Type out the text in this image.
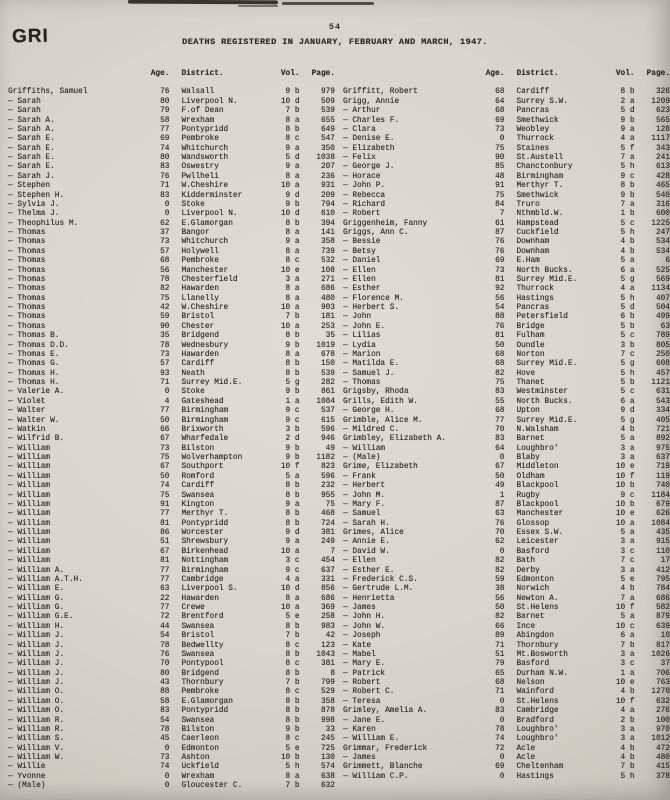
GRI	54
DEATHS REGISTERED IN JANUARY, FEBRUARY AND MARCH, 1947.
Age. District.	Vol.	Page.
Griffiths, Samuel	76 Walsall	9 b	979
— Sarah	80 Liverpool N.	10 d	509
— Sarah	79 F.of Dean	7 b	539
— Sarah A.	58 Wrexham	8 a	655
— Sarah A.	77 Pontypridd	8 b	649
— Sarah E.	69 Pembroke	8 c	547
— Sarah E.	74 Whitchurch	9 a	350
— Sarah E.	80 Wandsworth	5 d	1038
— Sarah E.	83 Oswestry	9 a	207
— Sarah J.	76 Pwllheli	8 a	236
— Stephen	71 W.Cheshire	10 a	931
— Stephen H.	83 Kidderminster	9 d	209
— Sylvia J.	0 Stoke	9 b	794
— Thelma J.	0 Liverpool N.	10 d	610
— Theophilus M.	62 E.Glamorgan	8 b	394
— Thomas	37 Bangor	8 a	141
— Thomas	73 Whitchurch	9 a	358
— Thomas	57 Holywell	8 a	739
— Thomas	68 Pembroke	8 c	532
— Thomas	56 Manchester	10 e	108
— Thomas	78 Chesterfield	3 a	271
— Thomas	82 Hawarden	8 a	686
— Thomas	75 Llanelly	8 a	480
— Thomas	42 W.Cheshire	10 a	903
— Thomas	59 Bristol	7 b	181
— Thomas	90 Chester	10 a	253
— Thomas B.	35 Bridgend	8 b	35
— Thomas D.D.	78 Wednesbury	9 b	1019
— Thomas E.	73 Hawarden	8 a	678
— Thomas G.	57 Cardiff	8 b	150
— Thomas H.	93 Neath	8 b	539
— Thomas H.	71 Surrey Mid.E.	5 g	282
— Valerie A.	0 Stoke	9 b	861
— Violet	4 Gateshead	1 a	1084
— Walter	77 Birmingham	9 c	537
— Walter W.	50 Birmingham	9 c	615
— Watkin	66 Brixworth	3 b	596
— Wilfrid B.	67 Wharfedale	2 d	946
— William	73 Bilston	9 b	49
— William	75 Wolverhampton	9 b	1182
— William	67 Southport	10 f	823
— William	50 Romford	5 a	596
— William	74 Cardiff	8 b	232
— William	75 Swansea	8 b	955
— William	91 Kington	9 a	75
— William	77 Merthyr T.	8 b	468
— William	81 Pontypridd	8 b	724
— William	86 Worcester	9 d	381
— William	51 Shrewsbury	9 a	249
— William	67 Birkenhead	10 a	7
— William	81 Nottingham	3 c	454
— William A.	77 Birmingham	9 c	637
— William A.T.H.	77 Cambridge	4 a	331
— William E.	63 Liverpool S.	10 d	856
— William G.	22 Hawarden	8 a	686
— William G.	77 Crewe	10 a	369
— William G.E.	72 Brentford	5 e	258
— William H.	44 Swansea	8 b	983
— William J.	54 Bristol	7 b	42
— William J.	78 Bedwellty	8 c	123
— William J.	76 Swansea	8 b	1043
— William J.	70 Pontypool	8 c	381
— William J.	80 Bridgend	8 b	8
— William J.	43 Thornbury	7 b	799
— William O.	88 Pembroke	8 c	529
— William O.	58 E.Glamorgan	8 b	358
— William O.	83 Pontypridd	8 b	878
— William R.	54 Swansea	8 b	998
— William R.	78 Bilston	9 b	33
— William S.	45 Caerleon	8 c	245
— William V.	0 Edmonton	5 e	725
— William W.	73 Ashton	10 b	130
— Willie	74 Uckfield	5 h	574
— Yvonne	0 Wrexham	8 a	638
— (Male)	0 Gloucester C.	7 b	632
Age. District.	Vol.	Page.
Griffitt, Robert	68 Cardiff	8 b	326
Grigg, Annie	64 Surrey S.W.	2 a	1209
— Arthur	68 Pancras	5 d	623
— Charles F.	69 Smethwick	9 b	565
— Clara	73 Weobley	9 a	128
— Denise E.	0 Thurrock	4 a	1117
— Elizabeth	75 Staines	5 f	343
— Felix	90 St.Austell	7 a	241
— George J.	85 Chanctonbury	5 h	613
— Horace	48 Birmingham	9 c	428
— John P.	91 Merthyr T.	8 b	465
— Rebecca	75 Smethwick	9 b	540
— Richard	84 Truro	7 a	316
— Robert	7 Nthmbld.W.	1 b	600
Griggenheim, Fanny	61 Hampstead	5 c	1225
Griggs, Ann C.	87 Cuckfield	5 h	247
— Bessie	76 Downham	4 b	534
— Betsy	76 Downham	4 b	534
— Daniel	69 E.Ham	5 a	6
— Ellen	73 North Bucks.	6 a	525
— Ellen	81 Surrey Mid.E.	5 g	569
— Esther	92 Thurrock	4 a	1134
— Florence M.	56 Hastings	5 h	407
— Herbert S.	54 Pancras	5 d	504
— John	88 Petersfield	6 b	499
— John E.	76 Bridge	5 b	63
— Lilias	81 Fulham	5 c	789
— Lydia	50 Oundle	3 b	805
— Marion	68 Norton	7 c	250
— Matilda E.	68 Surrey Mid.E.	5 g	608
— Samuel J.	82 Hove	5 h	457
— Thomas	75 Thanet	5 b	1121
Grigsby, Rhoda	83 Westminster	5 c	631
Grills, Edith W.	55 North Bucks.	6 a	543
— George H.	68 Upton	9 d	334
Grimble, Alice M.	77 Surrey Mid.E.	5 g	405
— Mildred C.	70 N.Walsham	4 b	721
Grimbley, Elizabeth A.	83 Barnet	5 a	892
— William	64 Loughbro'	3 a	975
— (Male)	0 Blaby	3 a	637
Grime, Elizabeth	67 Middleton	10 e	719
— Frank	50 Oldham	10 f	119
— Herbert	49 Blackpool	10 b	740
— John M.	1 Rugby	9 c	1184
— Mary F.	87 Blackpool	10 b	679
— Samuel	63 Manchester	10 e	626
— Sarah H.	76 Glossop	10 a	1084
Grimes, Alice	70 Essex S.W.	5 a	435
— Annie E.	62 Leicester	3 a	915
— David W.	0 Basford	3 c	110
— Ellen	82 Bath	7 c	17
— Esther E.	82 Derby	3 a	412
— Frederick C.S.	59 Edmonton	5 e	795
— Gertrude L.M.	38 Norwich	4 b	784
— Henrietta	56 Newton A.	7 a	686
— James	50 St.Helens	10 f	582
— John H.	82 Barnet	5 a	879
— John W.	66 Ince	10 c	639
— Joseph	89 Abingdon	6 a	10
— Kate	71 Thornbury	7 b	817
— Mabel	51 Mt.Bosworth	3 a	1026
— Mary E.	79 Basford	3 c	37
— Patrick	65 Durham N.W.	1 a	706
— Robert	68 Nelson	10 e	763
— Robert C.	71 Wainford	4 b	1270
— Teresa	0 St.Helens	10 f	632
Grimley, Amelia A.	83 Cambridge	4 a	276
— Jane E.	0 Bradford	2 b	100
— Karen	78 Loughbro'	3 a	970
— William E.	74 Loughbro'	3 a	1012
Grimmar, Frederick	72 Acle	4 b	472
— James	0 Acle	4 b	480
Grimmett, Blanche	69 Cheltenham	7 b	415
— William C.P.	0 Hastings	5 h	378
